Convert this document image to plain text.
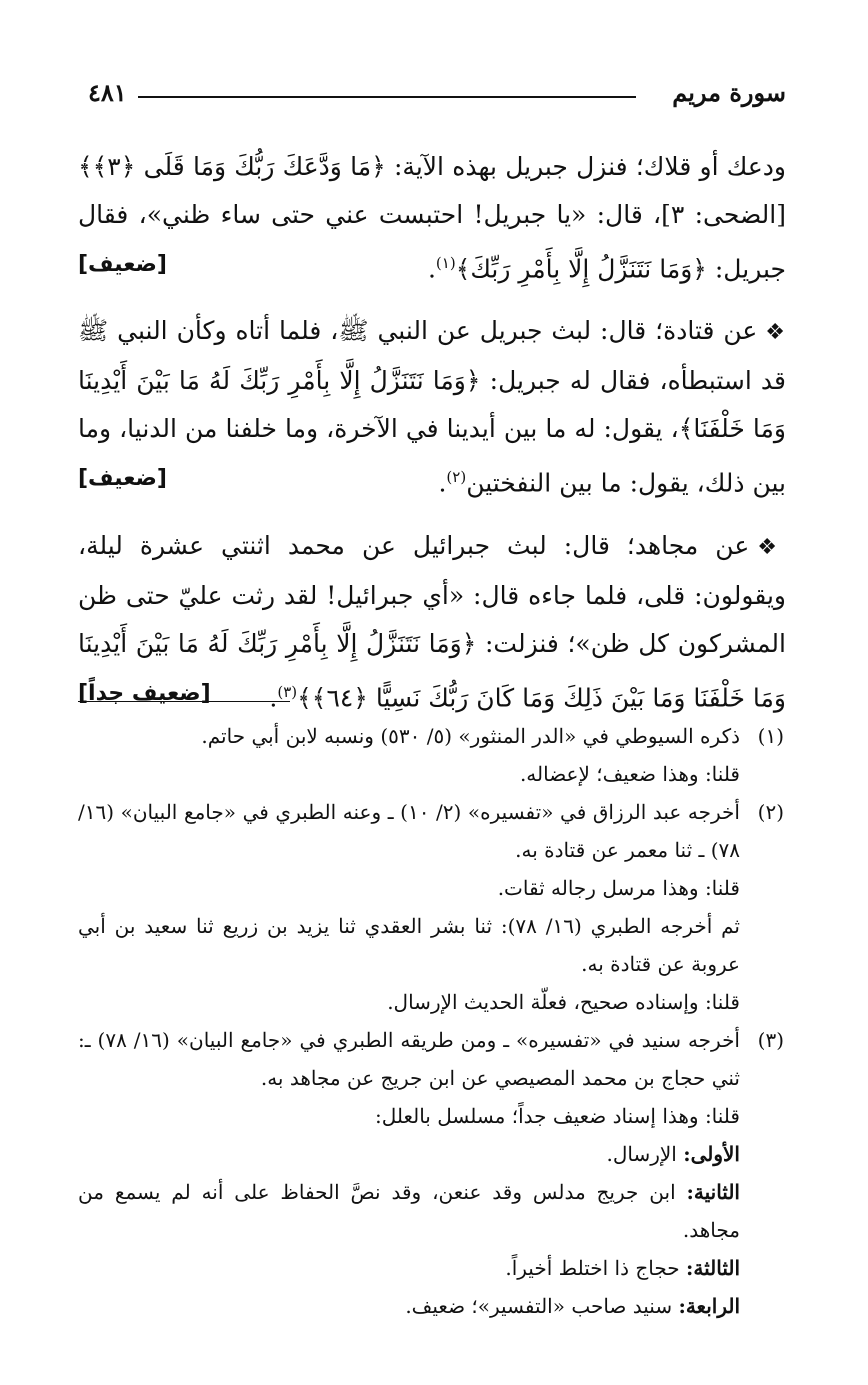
سورة مريم
٤٨١

ودعك أو قلاك؛ فنزل جبريل بهذه الآية: ﴿مَا وَدَّعَكَ رَبُّكَ وَمَا قَلَى ﴿٣﴾﴾ [الضحى: ٣]، قال: «يا جبريل! احتبست عني حتى ساء ظني»، فقال جبريل: ﴿وَمَا نَتَنَزَّلُ إِلَّا بِأَمْرِ رَبِّكَ﴾$^{(١)}$.
[ضعيف]

❖ عن قتادة؛ قال: لبث جبريل عن النبي ﷺ، فلما أتاه وكأن النبي ﷺ قد استبطأه، فقال له جبريل: ﴿وَمَا نَتَنَزَّلُ إِلَّا بِأَمْرِ رَبِّكَ لَهُ مَا بَيْنَ أَيْدِينَا وَمَا خَلْفَنَا﴾، يقول: له ما بين أيدينا في الآخرة، وما خلفنا من الدنيا، وما بين ذلك، يقول: ما بين النفختين$^{(٢)}$.
[ضعيف]

❖ عن مجاهد؛ قال: لبث جبرائيل عن محمد اثنتي عشرة ليلة، ويقولون: قلى، فلما جاءه قال: «أي جبرائيل! لقد رثت عليّ حتى ظن المشركون كل ظن»؛ فنزلت: ﴿وَمَا نَتَنَزَّلُ إِلَّا بِأَمْرِ رَبِّكَ لَهُ مَا بَيْنَ أَيْدِينَا وَمَا خَلْفَنَا وَمَا بَيْنَ ذَلِكَ وَمَا كَانَ رَبُّكَ نَسِيًّا ﴿٦٤﴾﴾$^{(٣)}$.
[ضعيف جداً]

(١)
ذكره السيوطي في «الدر المنثور» (٥/ ٥٣٠) ونسبه لابن أبي حاتم.
قلنا: وهذا ضعيف؛ لإعضاله.
(٢)
أخرجه عبد الرزاق في «تفسيره» (٢/ ١٠) ـ وعنه الطبري في «جامع البيان» (١٦/ ٧٨) ـ ثنا معمر عن قتادة به.
قلنا: وهذا مرسل رجاله ثقات.
ثم أخرجه الطبري (١٦/ ٧٨): ثنا بشر العقدي ثنا يزيد بن زريع ثنا سعيد بن أبي عروبة عن قتادة به.
قلنا: وإسناده صحيح، فعلّة الحديث الإرسال.
(٣)
أخرجه سنيد في «تفسيره» ـ ومن طريقه الطبري في «جامع البيان» (١٦/ ٧٨) ـ: ثني حجاج بن محمد المصيصي عن ابن جريج عن مجاهد به.
قلنا: وهذا إسناد ضعيف جداً؛ مسلسل بالعلل:
الأولى: الإرسال.
الثانية: ابن جريج مدلس وقد عنعن، وقد نصَّ الحفاظ على أنه لم يسمع من مجاهد.
الثالثة: حجاج ذا اختلط أخيراً.
الرابعة: سنيد صاحب «التفسير»؛ ضعيف.
